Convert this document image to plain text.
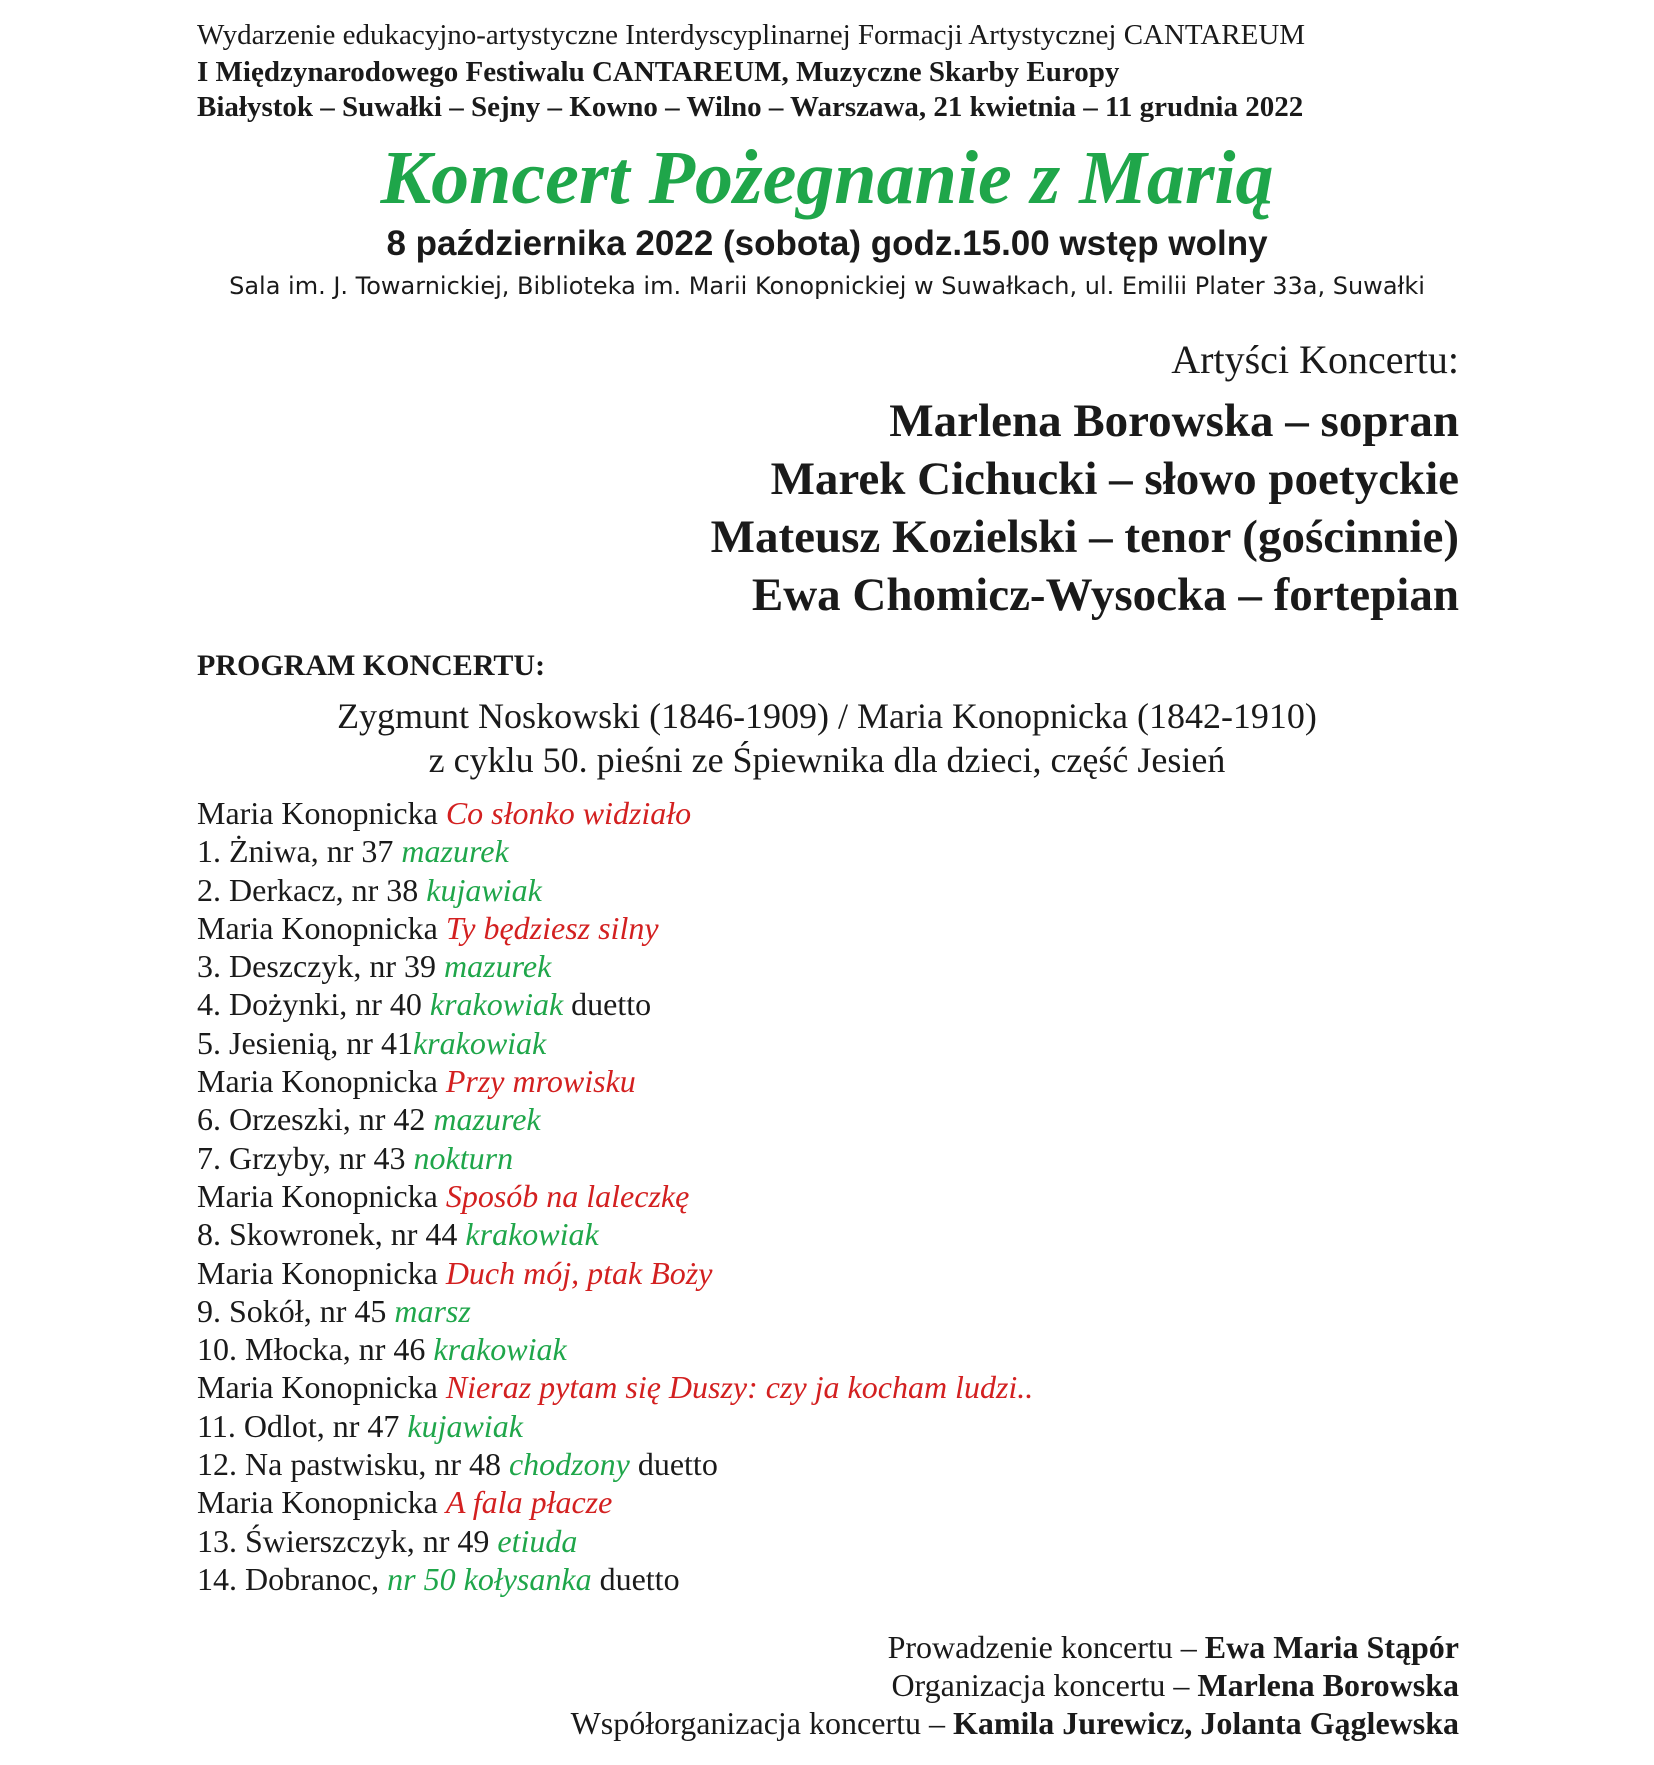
Wydarzenie edukacyjno-artystyczne Interdyscyplinarnej Formacji Artystycznej CANTAREUM
I Międzynarodowego Festiwalu CANTAREUM, Muzyczne Skarby Europy
Białystok – Suwałki – Sejny – Kowno – Wilno – Warszawa, 21 kwietnia – 11 grudnia 2022
Koncert Pożegnanie z Marią
8 października 2022 (sobota) godz.15.00 wstęp wolny
Sala im. J. Towarnickiej, Biblioteka im. Marii Konopnickiej w Suwałkach, ul. Emilii Plater 33a, Suwałki
Artyści Koncertu:
Marlena Borowska – sopran
Marek Cichucki – słowo poetyckie
Mateusz Kozielski – tenor (gościnnie)
Ewa Chomicz-Wysocka – fortepian
PROGRAM KONCERTU:
Zygmunt Noskowski (1846-1909) / Maria Konopnicka (1842-1910)
z cyklu 50. pieśni ze Śpiewnika dla dzieci, część Jesień
Maria Konopnicka Co słonko widziało
1. Żniwa, nr 37 mazurek
2. Derkacz, nr 38 kujawiak
Maria Konopnicka Ty będziesz silny
3. Deszczyk, nr 39 mazurek
4. Dożynki, nr 40 krakowiak duetto
5. Jesienią, nr 41krakowiak
Maria Konopnicka Przy mrowisku
6. Orzeszki, nr 42 mazurek
7. Grzyby, nr 43 nokturn
Maria Konopnicka Sposób na laleczkę
8. Skowronek, nr 44 krakowiak
Maria Konopnicka Duch mój, ptak Boży
9. Sokół, nr 45 marsz
10. Młocka, nr 46 krakowiak
Maria Konopnicka Nieraz pytam się Duszy: czy ja kocham ludzi..
11. Odlot, nr 47 kujawiak
12. Na pastwisku, nr 48 chodzony duetto
Maria Konopnicka A fala płacze
13. Świerszczyk, nr 49 etiuda
14. Dobranoc, nr 50 kołysanka duetto
Prowadzenie koncertu – Ewa Maria Stąpór
Organizacja koncertu – Marlena Borowska
Współorganizacja koncertu – Kamila Jurewicz, Jolanta Gąglewska
